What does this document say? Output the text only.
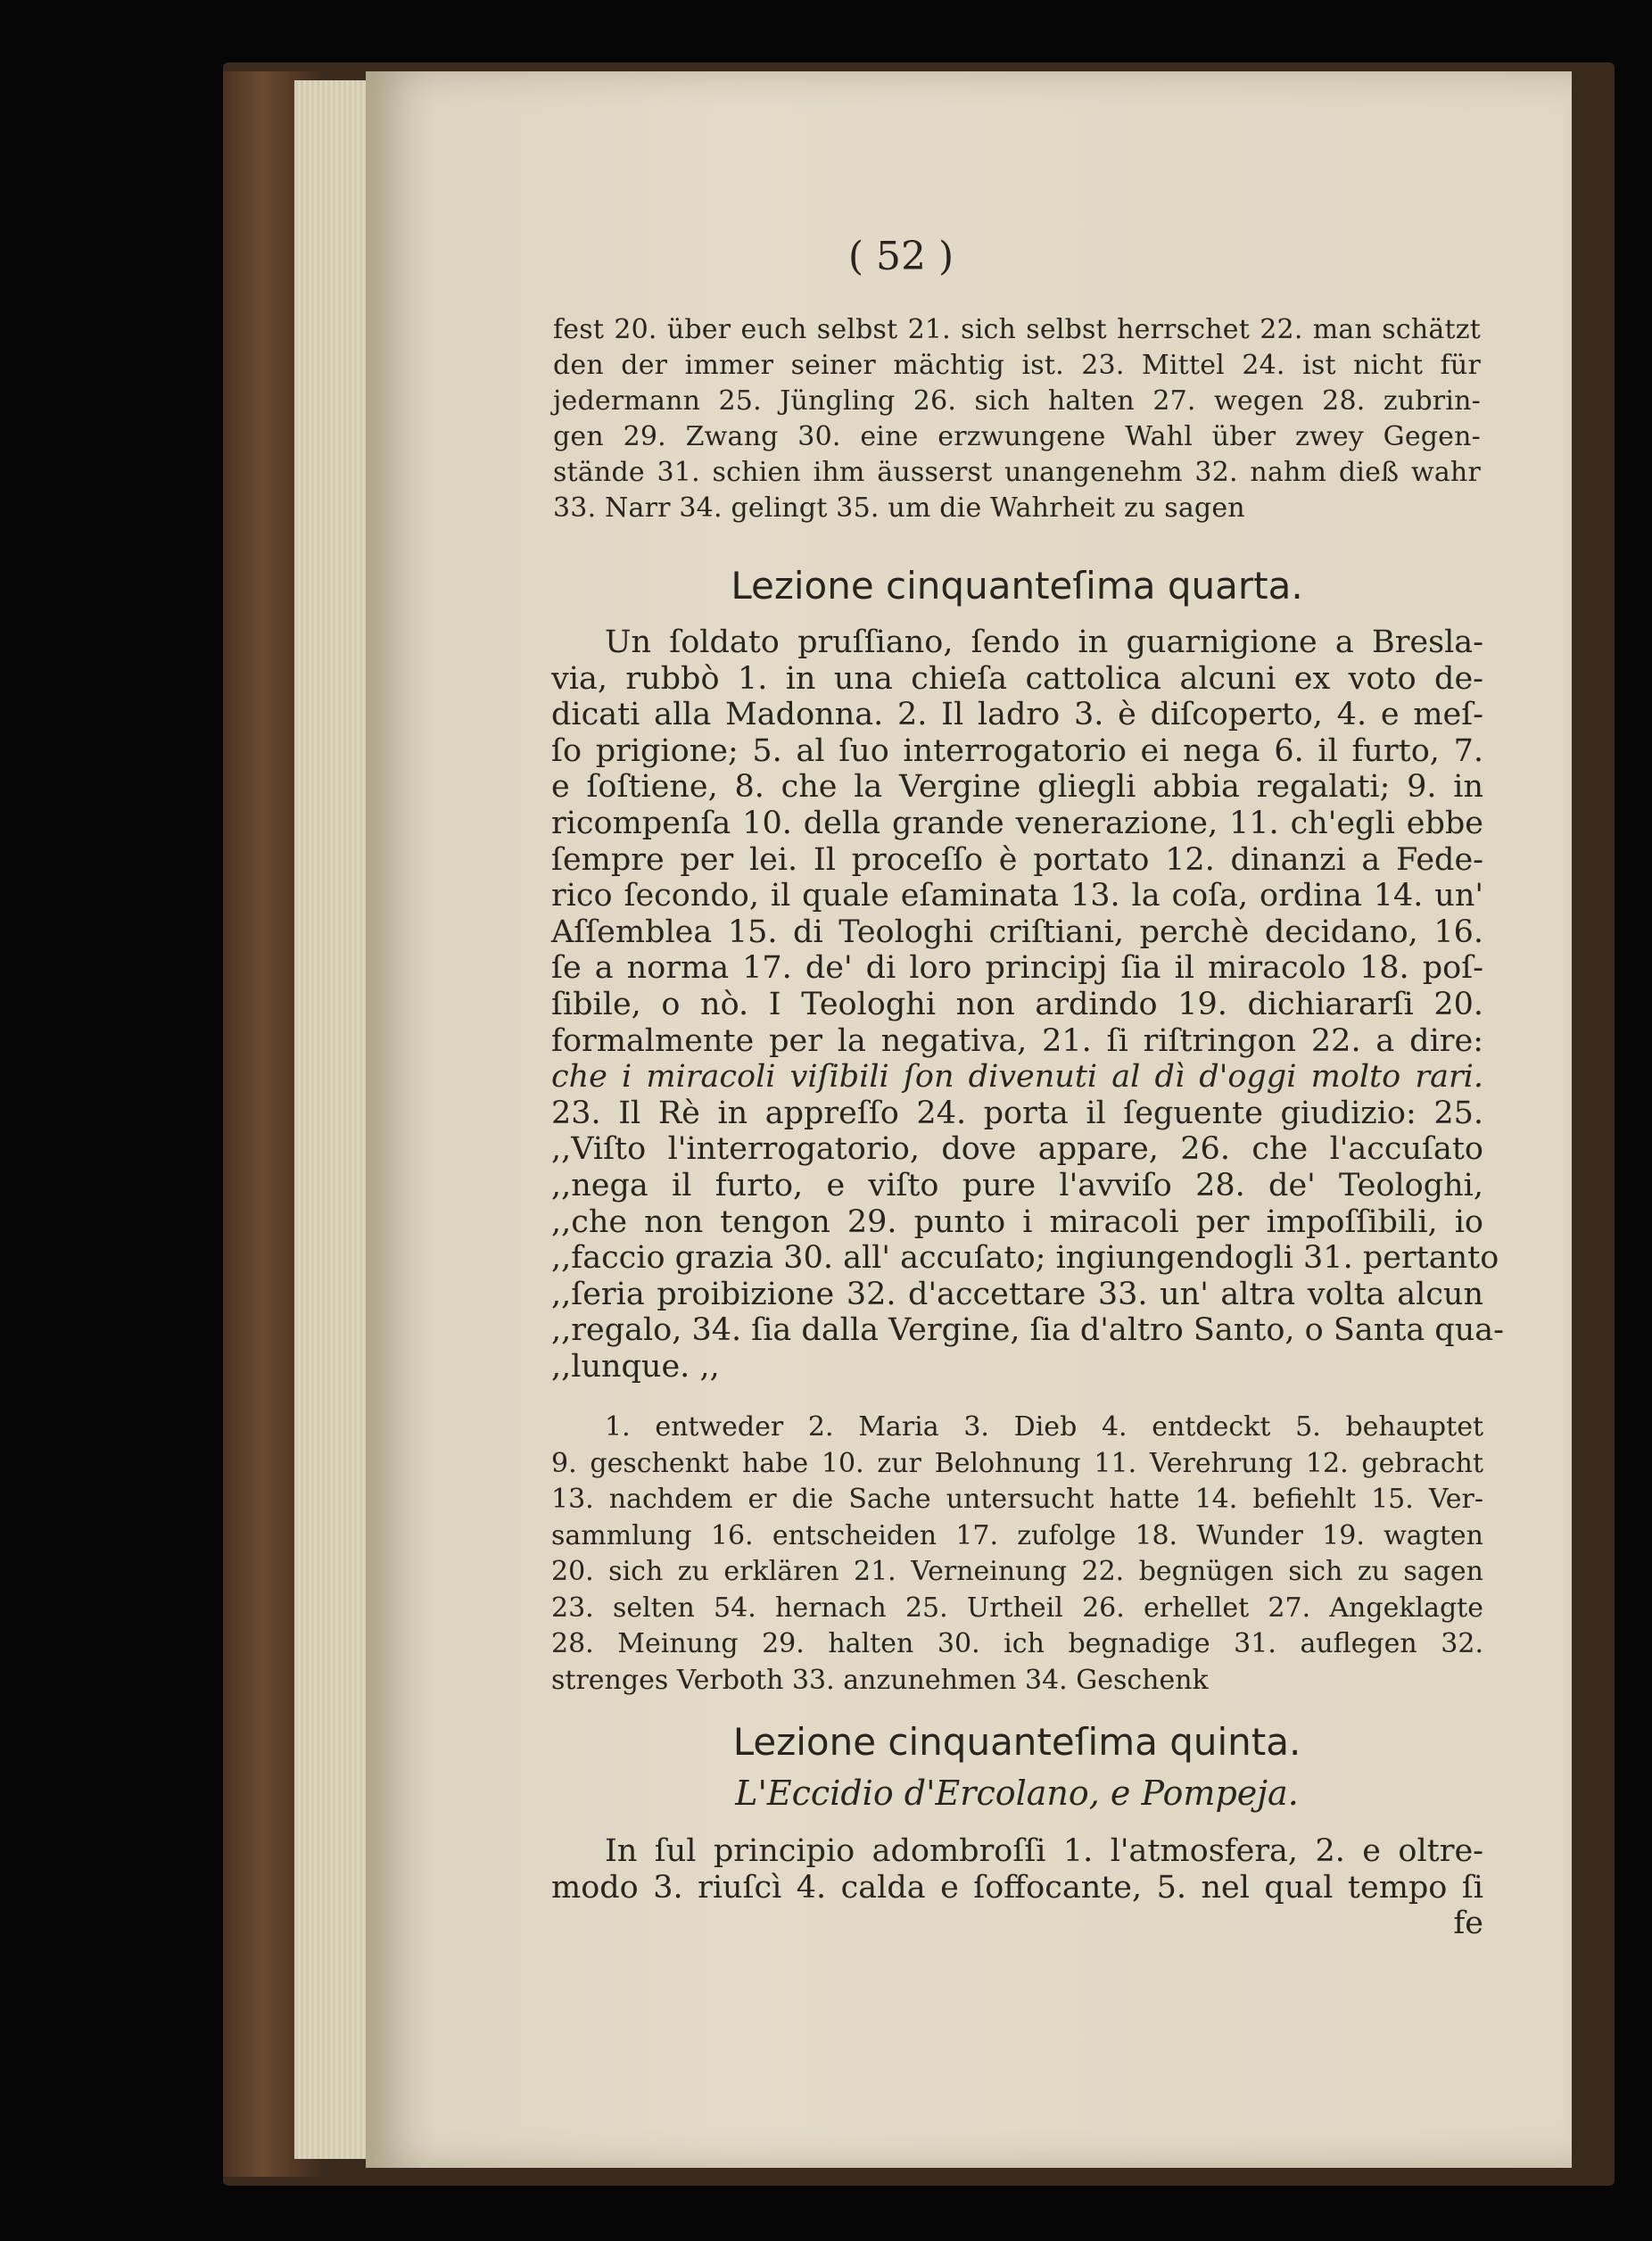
( 52 )
fest 20. über euch selbst 21. sich selbst herrschet 22. man schätzt
den der immer seiner mächtig ist. 23. Mittel 24. ist nicht für
jedermann 25. Jüngling 26. sich halten 27. wegen 28. zubrin-
gen 29. Zwang 30. eine erzwungene Wahl über zwey Gegen-
stände 31. schien ihm äusserst unangenehm 32. nahm dieß wahr
33. Narr 34. gelingt 35. um die Wahrheit zu sagen
Lezione cinquanteſima quarta.
Un ſoldato pruſſiano, ſendo in guarnigione a Bresla-
via, rubbò 1. in una chieſa cattolica alcuni ex voto de-
dicati alla Madonna. 2. Il ladro 3. è diſcoperto, 4. e meſ-
ſo prigione; 5. al ſuo interrogatorio ei nega 6. il furto, 7.
e ſoſtiene, 8. che la Vergine gliegli abbia regalati; 9. in
ricompenſa 10. della grande venerazione, 11. ch'egli ebbe
ſempre per lei. Il proceſſo è portato 12. dinanzi a Fede-
rico ſecondo, il quale eſaminata 13. la coſa, ordina 14. un'
Aſſemblea 15. di Teologhi criſtiani, perchè decidano, 16.
ſe a norma 17. de' di loro principj ſia il miracolo 18. poſ-
ſibile, o nò. I Teologhi non ardindo 19. dichiararſi 20.
formalmente per la negativa, 21. ſi riſtringon 22. a dire:
che i miracoli viſibili ſon divenuti al dì d'oggi molto rari.
23. Il Rè in appreſſo 24. porta il ſeguente giudizio: 25.
,,Viſto l'interrogatorio, dove appare, 26. che l'accuſato
,,nega il furto, e viſto pure l'avviſo 28. de' Teologhi,
,,che non tengon 29. punto i miracoli per impoſſibili, io
,,faccio grazia 30. all' accuſato; ingiungendogli 31. pertanto
,,ſeria proibizione 32. d'accettare 33. un' altra volta alcun
,,regalo, 34. ſia dalla Vergine, ſia d'altro Santo, o Santa qua-
,,lunque. ,,
1. entweder 2. Maria 3. Dieb 4. entdeckt 5. behauptet
9. geschenkt habe 10. zur Belohnung 11. Verehrung 12. gebracht
13. nachdem er die Sache untersucht hatte 14. befiehlt 15. Ver-
sammlung 16. entscheiden 17. zufolge 18. Wunder 19. wagten
20. sich zu erklären 21. Verneinung 22. begnügen sich zu sagen
23. selten 54. hernach 25. Urtheil 26. erhellet 27. Angeklagte
28. Meinung 29. halten 30. ich begnadige 31. auflegen 32.
strenges Verboth 33. anzunehmen 34. Geschenk
Lezione cinquanteſima quinta.
L'Eccidio d'Ercolano, e Pompeja.
In ſul principio adombroſſi 1. l'atmosfera, 2. e oltre-
modo 3. riuſcì 4. calda e ſoffocante, 5. nel qual tempo ſi
fe
